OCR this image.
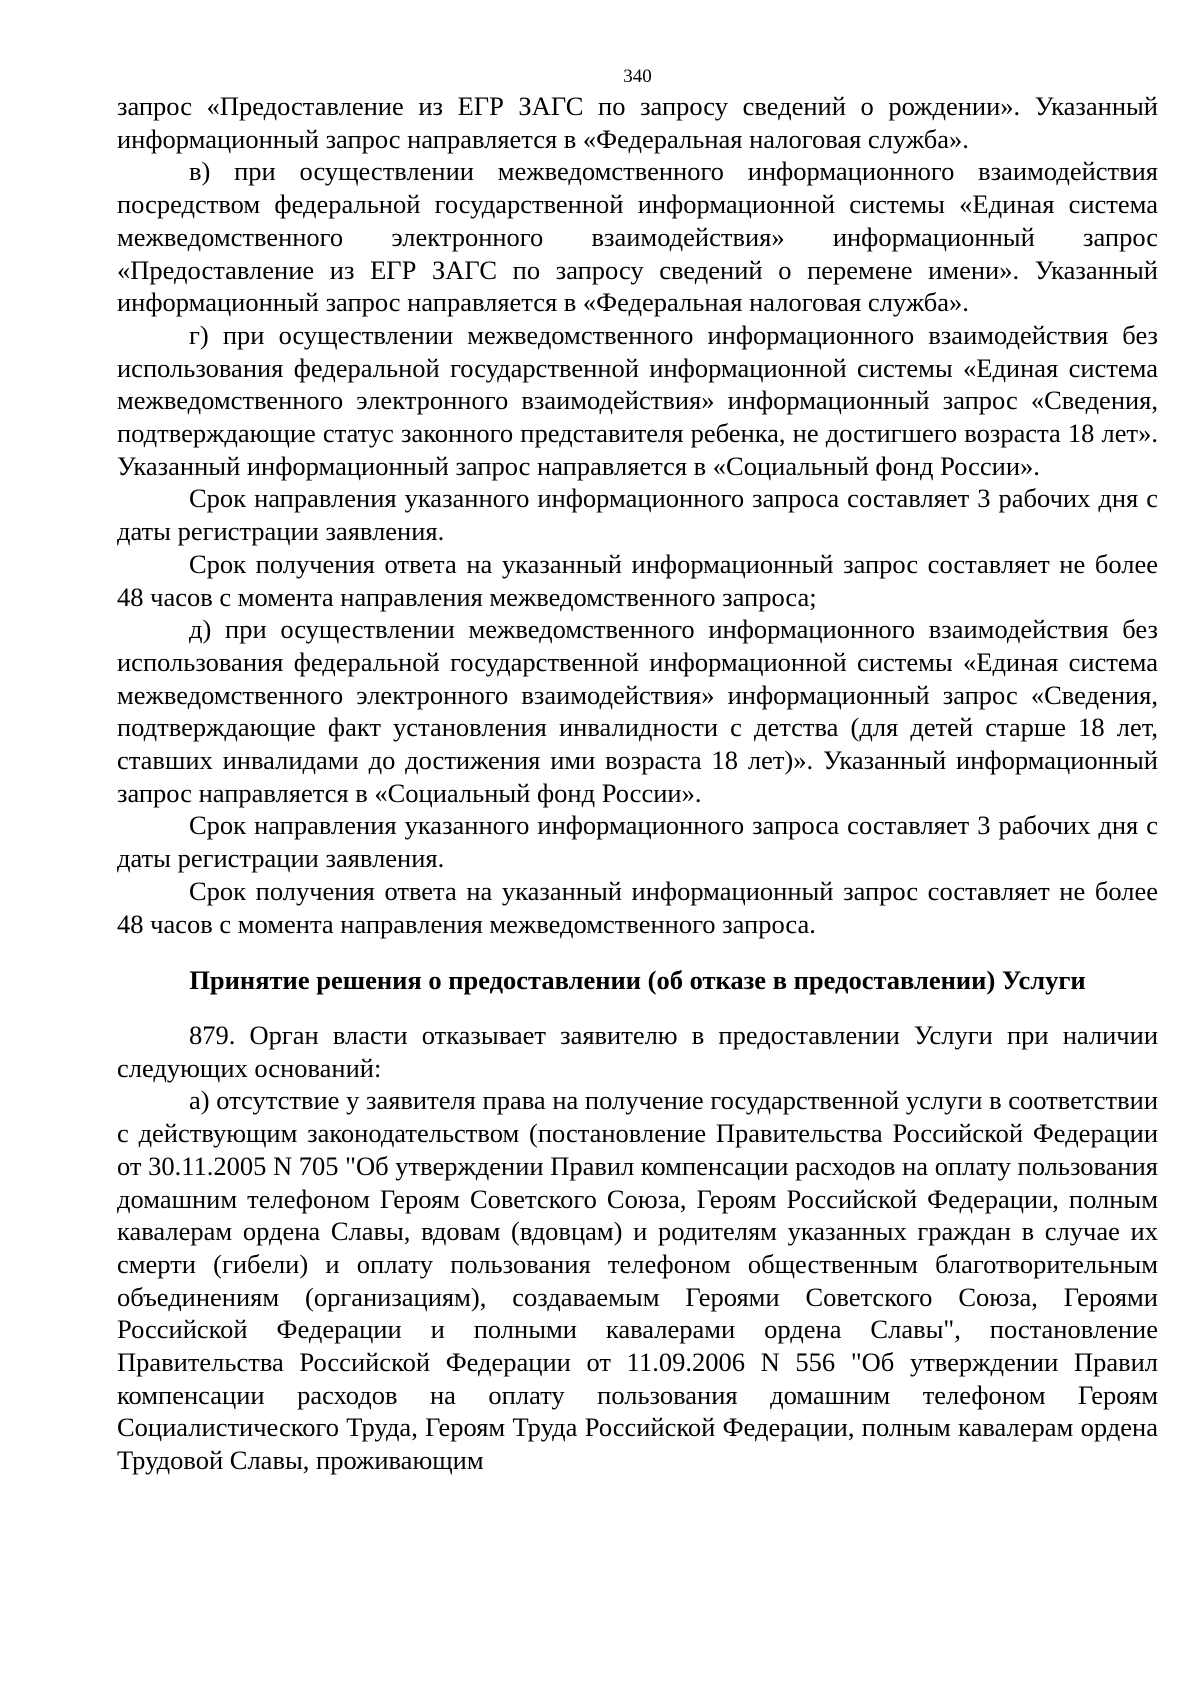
340

запрос «Предоставление из ЕГР ЗАГС по запросу сведений о рождении». Указанный информационный запрос направляется в «Федеральная налоговая служба».

в) при осуществлении межведомственного информационного взаимодействия посредством федеральной государственной информационной системы «Единая система межведомственного электронного взаимодействия» информационный запрос «Предоставление из ЕГР ЗАГС по запросу сведений о перемене имени». Указанный информационный запрос направляется в «Федеральная налоговая служба».

г) при осуществлении межведомственного информационного взаимодействия без использования федеральной государственной информационной системы «Единая система межведомственного электронного взаимодействия» информационный запрос «Сведения, подтверждающие статус законного представителя ребенка, не достигшего возраста 18 лет». Указанный информационный запрос направляется в «Социальный фонд России».

Срок направления указанного информационного запроса составляет 3 рабочих дня с даты регистрации заявления.

Срок получения ответа на указанный информационный запрос составляет не более 48 часов с момента направления межведомственного запроса;

д) при осуществлении межведомственного информационного взаимодействия без использования федеральной государственной информационной системы «Единая система межведомственного электронного взаимодействия» информационный запрос «Сведения, подтверждающие факт установления инвалидности с детства (для детей старше 18 лет, ставших инвалидами до достижения ими возраста 18 лет)». Указанный информационный запрос направляется в «Социальный фонд России».

Срок направления указанного информационного запроса составляет 3 рабочих дня с даты регистрации заявления.

Срок получения ответа на указанный информационный запрос составляет не более 48 часов с момента направления межведомственного запроса.

Принятие решения о предоставлении (об отказе в предоставлении) Услуги

879. Орган власти отказывает заявителю в предоставлении Услуги при наличии следующих оснований:

а) отсутствие у заявителя права на получение государственной услуги в соответствии с действующим законодательством (постановление Правительства Российской Федерации от 30.11.2005 N 705 "Об утверждении Правил компенсации расходов на оплату пользования домашним телефоном Героям Советского Союза, Героям Российской Федерации, полным кавалерам ордена Славы, вдовам (вдовцам) и родителям указанных граждан в случае их смерти (гибели) и оплату пользования телефоном общественным благотворительным объединениям (организациям), создаваемым Героями Советского Союза, Героями Российской Федерации и полными кавалерами ордена Славы", постановление Правительства Российской Федерации от 11.09.2006 N 556 "Об утверждении Правил компенсации расходов на оплату пользования домашним телефоном Героям Социалистического Труда, Героям Труда Российской Федерации, полным кавалерам ордена Трудовой Славы, проживающим
